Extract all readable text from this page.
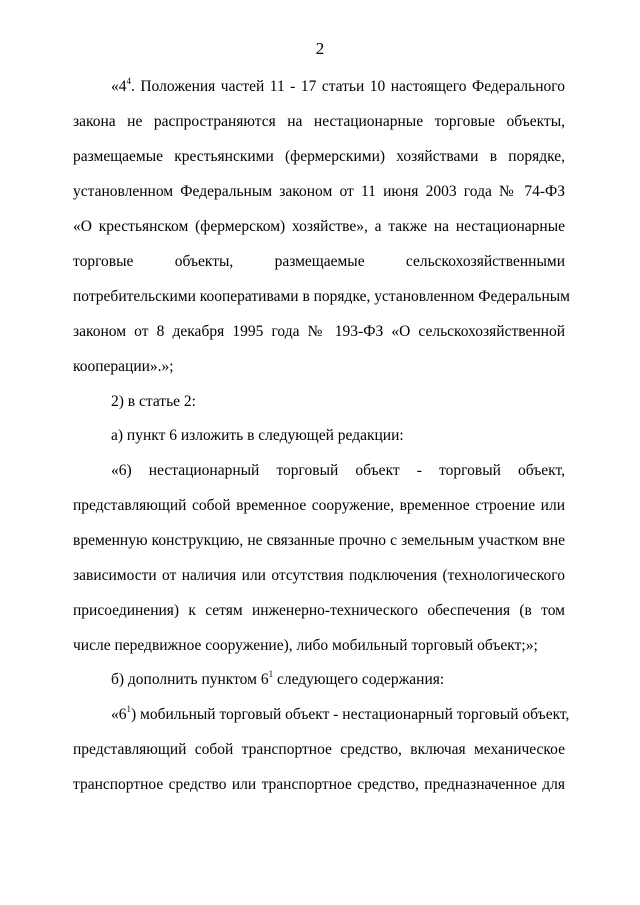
2
«$4^4$. Положения частей 11 - 17 статьи 10 настоящего Федерального
закона не распространяются на нестационарные торговые объекты,
размещаемые крестьянскими (фермерскими) хозяйствами в порядке,
установленном Федеральным законом от 11 июня 2003 года № 74-ФЗ
«О крестьянском (фермерском) хозяйстве», а также на нестационарные
торговые объекты, размещаемые сельскохозяйственными
потребительскими кооперативами в порядке, установленном Федеральным
законом от 8 декабря 1995 года № 193-ФЗ «О сельскохозяйственной
кооперации».»;
2) в статье 2:
а) пункт 6 изложить в следующей редакции:
«6) нестационарный торговый объект - торговый объект,
представляющий собой временное сооружение, временное строение или
временную конструкцию, не связанные прочно с земельным участком вне
зависимости от наличия или отсутствия подключения (технологического
присоединения) к сетям инженерно-технического обеспечения (в том
числе передвижное сооружение), либо мобильный торговый объект;»;
б) дополнить пунктом $6^1$ следующего содержания:
«$6^1$) мобильный торговый объект - нестационарный торговый объект,
представляющий собой транспортное средство, включая механическое
транспортное средство или транспортное средство, предназначенное для
